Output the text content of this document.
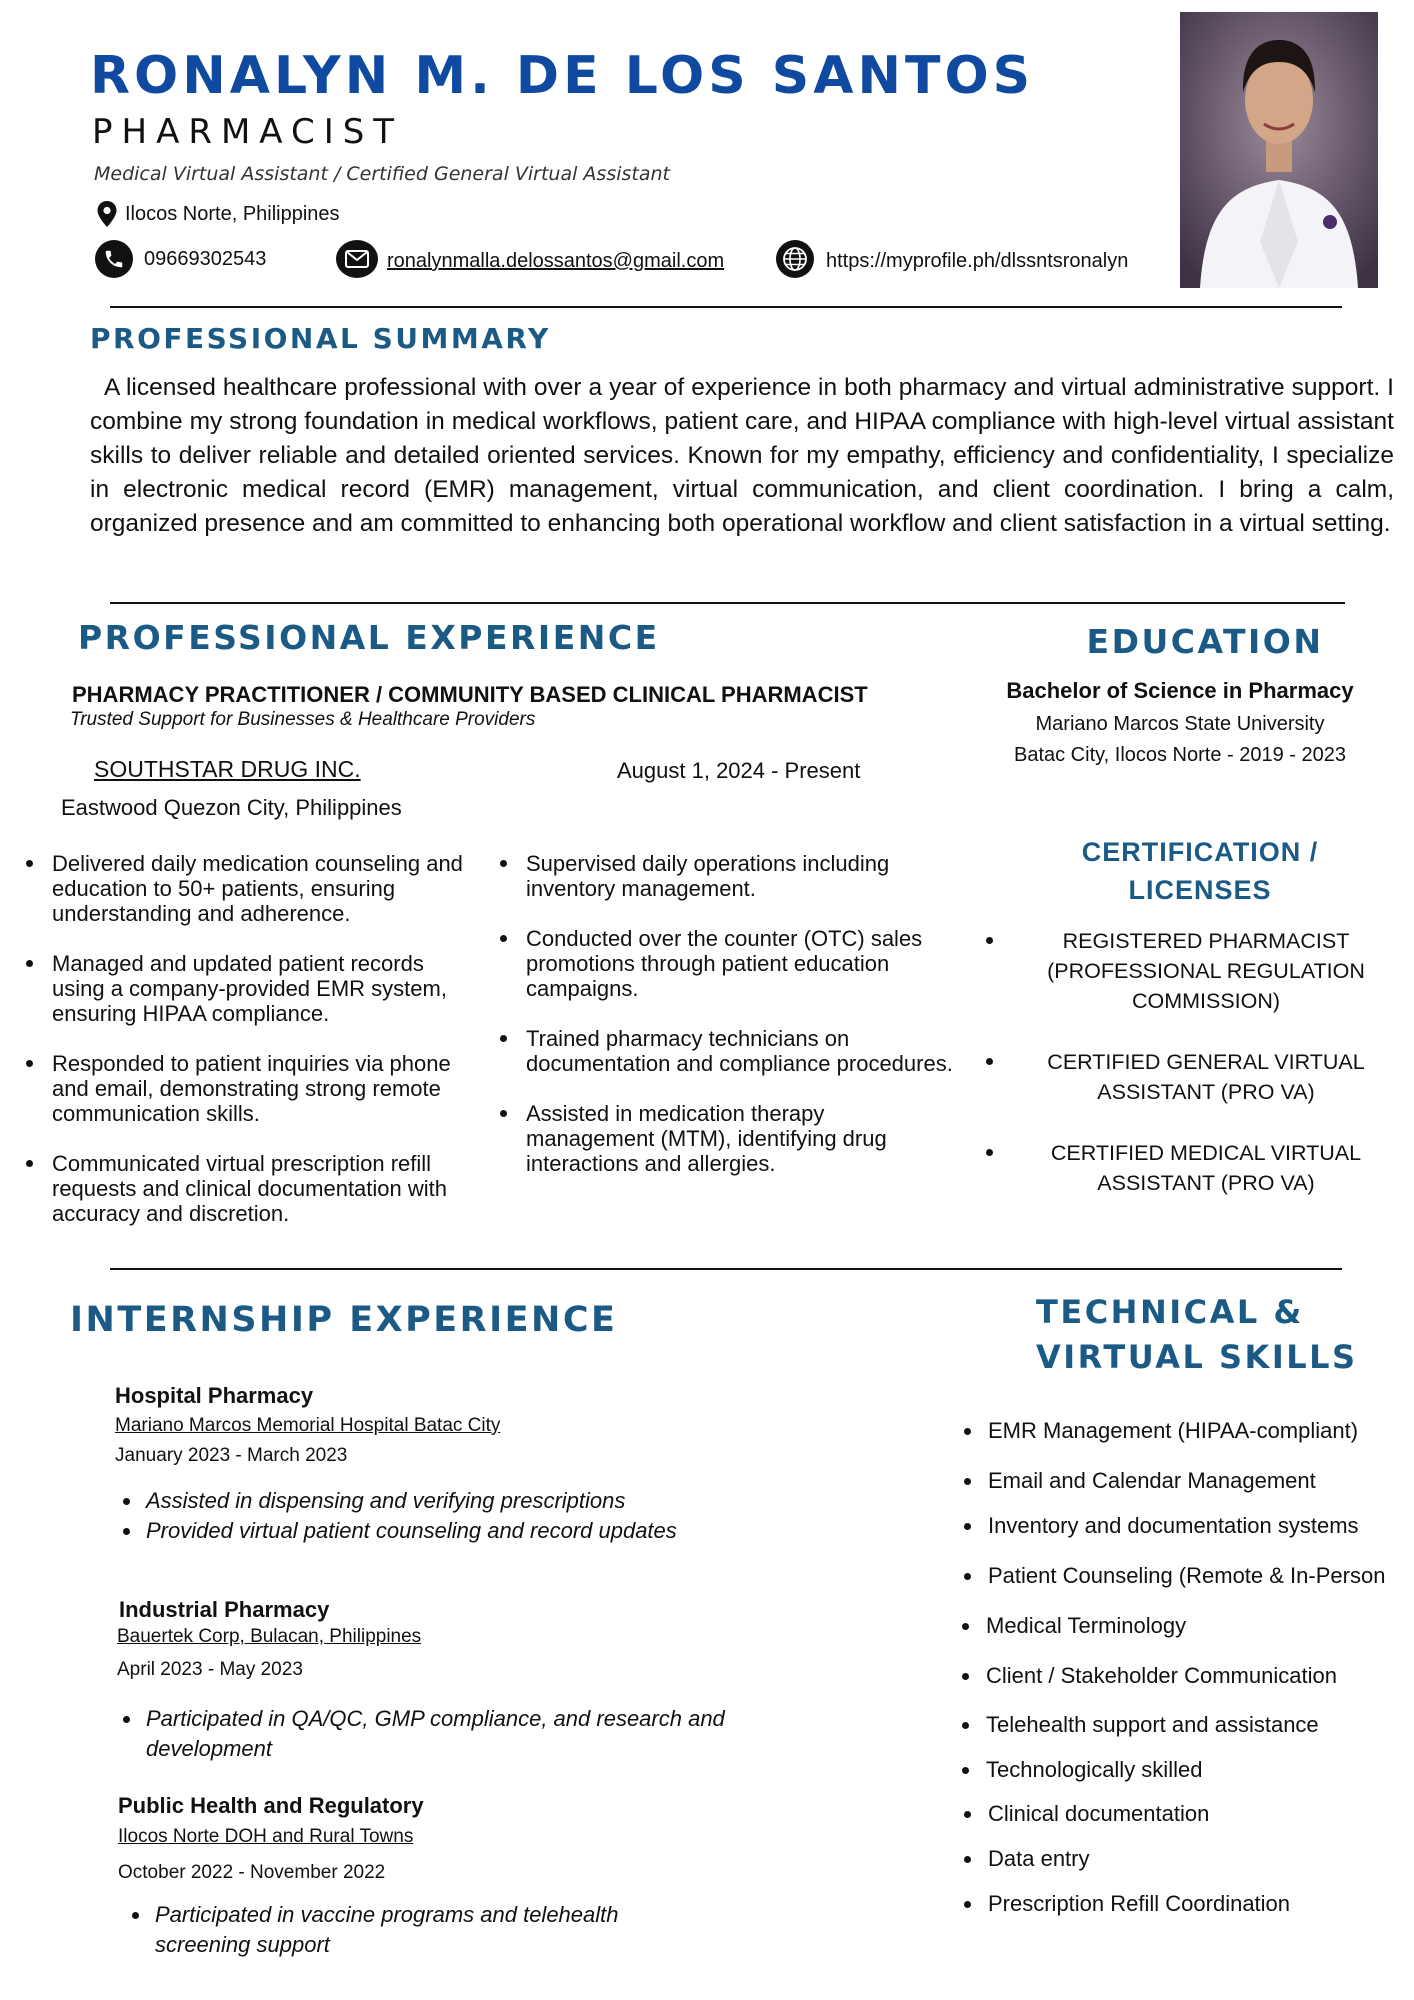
RONALYN M. DE LOS SANTOS
PHARMACIST
Medical Virtual Assistant / Certified General Virtual Assistant
Ilocos Norte, Philippines
09669302543	ronalynmalla.delossantos@gmail.com	https://myprofile.ph/dlssntsronalyn
PROFESSIONAL SUMMARY
A licensed healthcare professional with over a year of experience in both pharmacy and virtual administrative support. I combine my strong foundation in medical workflows, patient care, and HIPAA compliance with high-level virtual assistant skills to deliver reliable and detailed oriented services. Known for my empathy, efficiency and confidentiality, I specialize in electronic medical record (EMR) management, virtual communication, and client coordination. I bring a calm, organized presence and am committed to enhancing both operational workflow and client satisfaction in a virtual setting.
PROFESSIONAL EXPERIENCE
PHARMACY PRACTITIONER / COMMUNITY BASED CLINICAL PHARMACIST
Trusted Support for Businesses & Healthcare Providers
SOUTHSTAR DRUG INC.	August 1, 2024 - Present
Eastwood Quezon City, Philippines
Delivered daily medication counseling and education to 50+ patients, ensuring understanding and adherence.
Managed and updated patient records using a company-provided EMR system, ensuring HIPAA compliance.
Responded to patient inquiries via phone and email, demonstrating strong remote communication skills.
Communicated virtual prescription refill requests and clinical documentation with accuracy and discretion.
Supervised daily operations including inventory management.
Conducted over the counter (OTC) sales promotions through patient education campaigns.
Trained pharmacy technicians on documentation and compliance procedures.
Assisted in medication therapy management (MTM), identifying drug interactions and allergies.
EDUCATION
Bachelor of Science in Pharmacy
Mariano Marcos State University
Batac City, Ilocos Norte - 2019 - 2023
CERTIFICATION /
LICENSES
REGISTERED PHARMACIST (PROFESSIONAL REGULATION COMMISSION)
CERTIFIED GENERAL VIRTUAL ASSISTANT (PRO VA)
CERTIFIED MEDICAL VIRTUAL ASSISTANT (PRO VA)
INTERNSHIP EXPERIENCE
Hospital Pharmacy
Mariano Marcos Memorial Hospital Batac City
January 2023 - March 2023
Assisted in dispensing and verifying prescriptions
Provided virtual patient counseling and record updates
Industrial Pharmacy
Bauertek Corp, Bulacan, Philippines
April 2023 - May 2023
Participated in QA/QC, GMP compliance, and research and development
Public Health and Regulatory
Ilocos Norte DOH and Rural Towns
October 2022 - November 2022
Participated in vaccine programs and telehealth screening support
TECHNICAL &
VIRTUAL SKILLS
EMR Management (HIPAA-compliant)
Email and Calendar Management
Inventory and documentation systems
Patient Counseling (Remote & In-Person
Medical Terminology
Client / Stakeholder Communication
Telehealth support and assistance
Technologically skilled
Clinical documentation
Data entry
Prescription Refill Coordination
